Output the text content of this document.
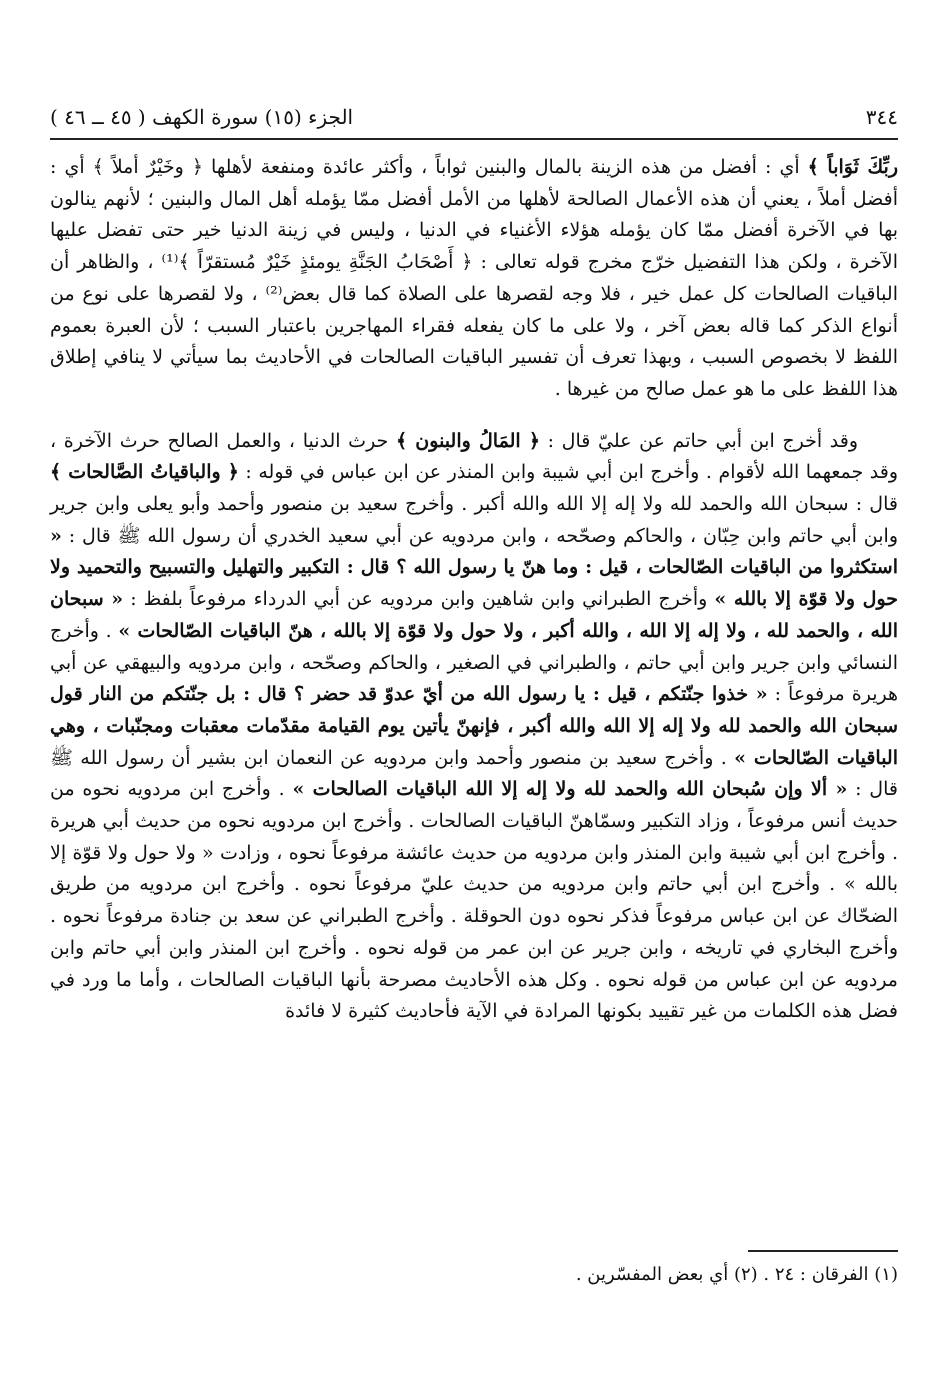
٣٤٤
الجزء (١٥) سورة الكهف ( ٤٥ ــ ٤٦ )

ربِّكَ ثَوَاباً ﴾ أي : أفضل من هذه الزينة بالمال والبنين ثواباً ، وأكثر عائدة ومنفعة لأهلها ﴿ وخَيْرٌ أملاً ﴾ أي : أفضل أملاً ، يعني أن هذه الأعمال الصالحة لأهلها من الأمل أفضل ممّا يؤمله أهل المال والبنين ؛ لأنهم ينالون بها في الآخرة أفضل ممّا كان يؤمله هؤلاء الأغنياء في الدنيا ، وليس في زينة الدنيا خير حتى تفضل عليها الآخرة ، ولكن هذا التفضيل خرّج مخرج قوله تعالى : ﴿ أَصْحَابُ الجَنَّةِ يومئذٍ خَيْرٌ مُستقرّاً ﴾⁽¹⁾ ، والظاهر أن الباقيات الصالحات كل عمل خير ، فلا وجه لقصرها على الصلاة كما قال بعض⁽²⁾ ، ولا لقصرها على نوع من أنواع الذكر كما قاله بعض آخر ، ولا على ما كان يفعله فقراء المهاجرين باعتبار السبب ؛ لأن العبرة بعموم اللفظ لا بخصوص السبب ، وبهذا تعرف أن تفسير الباقيات الصالحات في الأحاديث بما سيأتي لا ينافي إطلاق هذا اللفظ على ما هو عمل صالح من غيرها .

وقد أخرج ابن أبي حاتم عن عليّ قال : ﴿ المَالُ والبنون ﴾ حرث الدنيا ، والعمل الصالح حرث الآخرة ، وقد جمعهما الله لأقوام . وأخرج ابن أبي شيبة وابن المنذر عن ابن عباس في قوله : ﴿ والباقياتُ الصَّالحات ﴾ قال : سبحان الله والحمد لله ولا إله إلا الله والله أكبر . وأخرج سعيد بن منصور وأحمد وأبو يعلى وابن جرير وابن أبي حاتم وابن حِبّان ، والحاكم وصحّحه ، وابن مردويه عن أبي سعيد الخدري أن رسول الله ﷺ قال : « استكثروا من الباقيات الصّالحات ، قيل : وما هنّ يا رسول الله ؟ قال : التكبير والتهليل والتسبيح والتحميد ولا حول ولا قوّة إلا بالله » وأخرج الطبراني وابن شاهين وابن مردويه عن أبي الدرداء مرفوعاً بلفظ : « سبحان الله ، والحمد لله ، ولا إله إلا الله ، والله أكبر ، ولا حول ولا قوّة إلا بالله ، هنّ الباقيات الصّالحات » . وأخرج النسائي وابن جرير وابن أبي حاتم ، والطبراني في الصغير ، والحاكم وصحّحه ، وابن مردويه والبيهقي عن أبي هريرة مرفوعاً : « خذوا جنّتكم ، قيل : يا رسول الله من أيّ عدوّ قد حضر ؟ قال : بل جنّتكم من النار قول سبحان الله والحمد لله ولا إله إلا الله والله أكبر ، فإنهنّ يأتين يوم القيامة مقدّمات معقبات ومجنّبات ، وهي الباقيات الصّالحات » . وأخرج سعيد بن منصور وأحمد وابن مردويه عن النعمان ابن بشير أن رسول الله ﷺ قال : « ألا وإن سُبحان الله والحمد لله ولا إله إلا الله الباقيات الصالحات » . وأخرج ابن مردويه نحوه من حديث أنس مرفوعاً ، وزاد التكبير وسمّاهنّ الباقيات الصالحات . وأخرج ابن مردويه نحوه من حديث أبي هريرة . وأخرج ابن أبي شيبة وابن المنذر وابن مردويه من حديث عائشة مرفوعاً نحوه ، وزادت « ولا حول ولا قوّة إلا بالله » . وأخرج ابن أبي حاتم وابن مردويه من حديث عليّ مرفوعاً نحوه . وأخرج ابن مردويه من طريق الضحّاك عن ابن عباس مرفوعاً فذكر نحوه دون الحوقلة . وأخرج الطبراني عن سعد بن جنادة مرفوعاً نحوه . وأخرج البخاري في تاريخه ، وابن جرير عن ابن عمر من قوله نحوه . وأخرج ابن المنذر وابن أبي حاتم وابن مردويه عن ابن عباس من قوله نحوه . وكل هذه الأحاديث مصرحة بأنها الباقيات الصالحات ، وأما ما ورد في فضل هذه الكلمات من غير تقييد بكونها المرادة في الآية فأحاديث كثيرة لا فائدة

(١) الفرقان : ٢٤ . (٢) أي بعض المفسّرين .
